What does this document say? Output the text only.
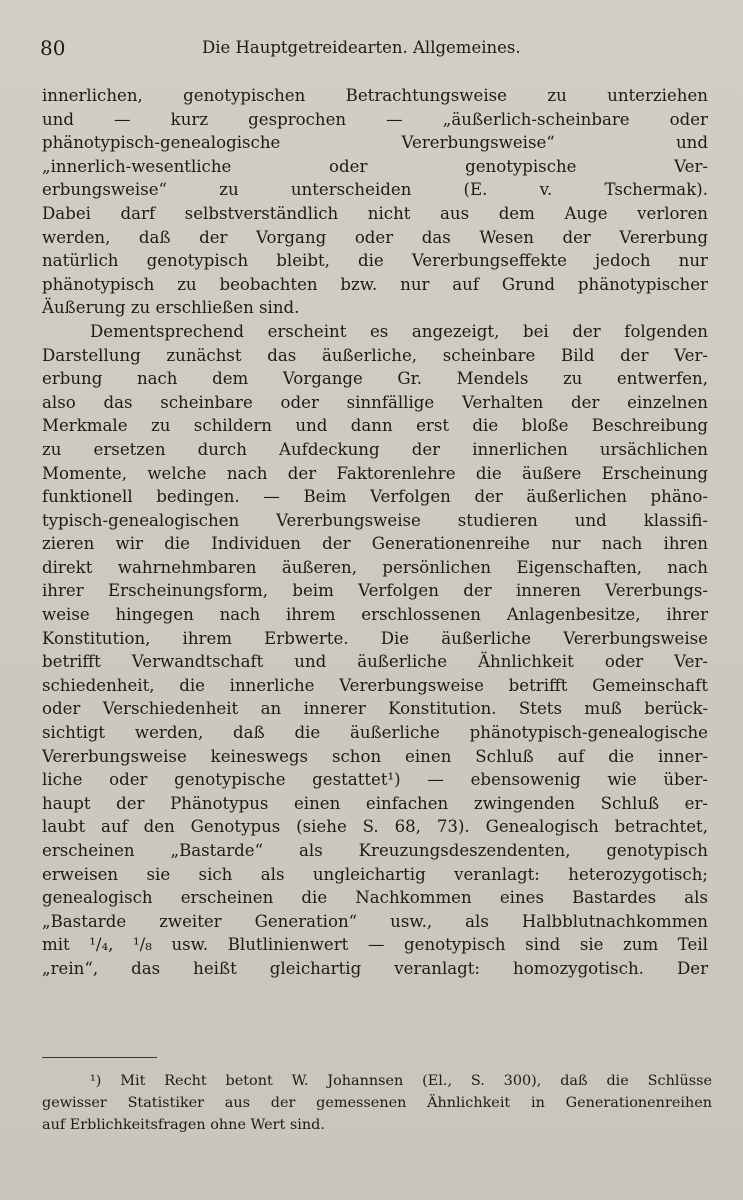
80	Die Hauptgetreidearten. Allgemeines.
innerlichen, genotypischen Betrachtungsweise zu unterziehen
und — kurz gesprochen — „äußerlich-scheinbare oder
phänotypisch-genealogische Vererbungsweise“ und
„innerlich-wesentliche oder genotypische Ver-
erbungsweise“ zu unterscheiden (E. v. Tschermak).
Dabei darf selbstverständlich nicht aus dem Auge verloren
werden, daß der Vorgang oder das Wesen der Vererbung
natürlich genotypisch bleibt, die Vererbungseffekte jedoch nur
phänotypisch zu beobachten bzw. nur auf Grund phänotypischer
Äußerung zu erschließen sind.
Dementsprechend erscheint es angezeigt, bei der folgenden
Darstellung zunächst das äußerliche, scheinbare Bild der Ver-
erbung nach dem Vorgange Gr. Mendels zu entwerfen,
also das scheinbare oder sinnfällige Verhalten der einzelnen
Merkmale zu schildern und dann erst die bloße Beschreibung
zu ersetzen durch Aufdeckung der innerlichen ursächlichen
Momente, welche nach der Faktorenlehre die äußere Erscheinung
funktionell bedingen. — Beim Verfolgen der äußerlichen phäno-
typisch-genealogischen Vererbungsweise studieren und klassifi-
zieren wir die Individuen der Generationenreihe nur nach ihren
direkt wahrnehmbaren äußeren, persönlichen Eigenschaften, nach
ihrer Erscheinungsform, beim Verfolgen der inneren Vererbungs-
weise hingegen nach ihrem erschlossenen Anlagenbesitze, ihrer
Konstitution, ihrem Erbwerte. Die äußerliche Vererbungsweise
betrifft Verwandtschaft und äußerliche Ähnlichkeit oder Ver-
schiedenheit, die innerliche Vererbungsweise betrifft Gemeinschaft
oder Verschiedenheit an innerer Konstitution. Stets muß berück-
sichtigt werden, daß die äußerliche phänotypisch-genealogische
Vererbungsweise keineswegs schon einen Schluß auf die inner-
liche oder genotypische gestattet¹) — ebensowenig wie über-
haupt der Phänotypus einen einfachen zwingenden Schluß er-
laubt auf den Genotypus (siehe S. 68, 73). Genealogisch betrachtet,
erscheinen „Bastarde“ als Kreuzungsdeszendenten, genotypisch
erweisen sie sich als ungleichartig veranlagt: heterozygotisch;
genealogisch erscheinen die Nachkommen eines Bastardes als
„Bastarde zweiter Generation“ usw., als Halbblutnachkommen
mit ¹/₄, ¹/₈ usw. Blutlinienwert — genotypisch sind sie zum Teil
„rein“, das heißt gleichartig veranlagt: homozygotisch. Der
¹) Mit Recht betont W. Johannsen (El., S. 300), daß die Schlüsse
gewisser Statistiker aus der gemessenen Ähnlichkeit in Generationenreihen
auf Erblichkeitsfragen ohne Wert sind.
